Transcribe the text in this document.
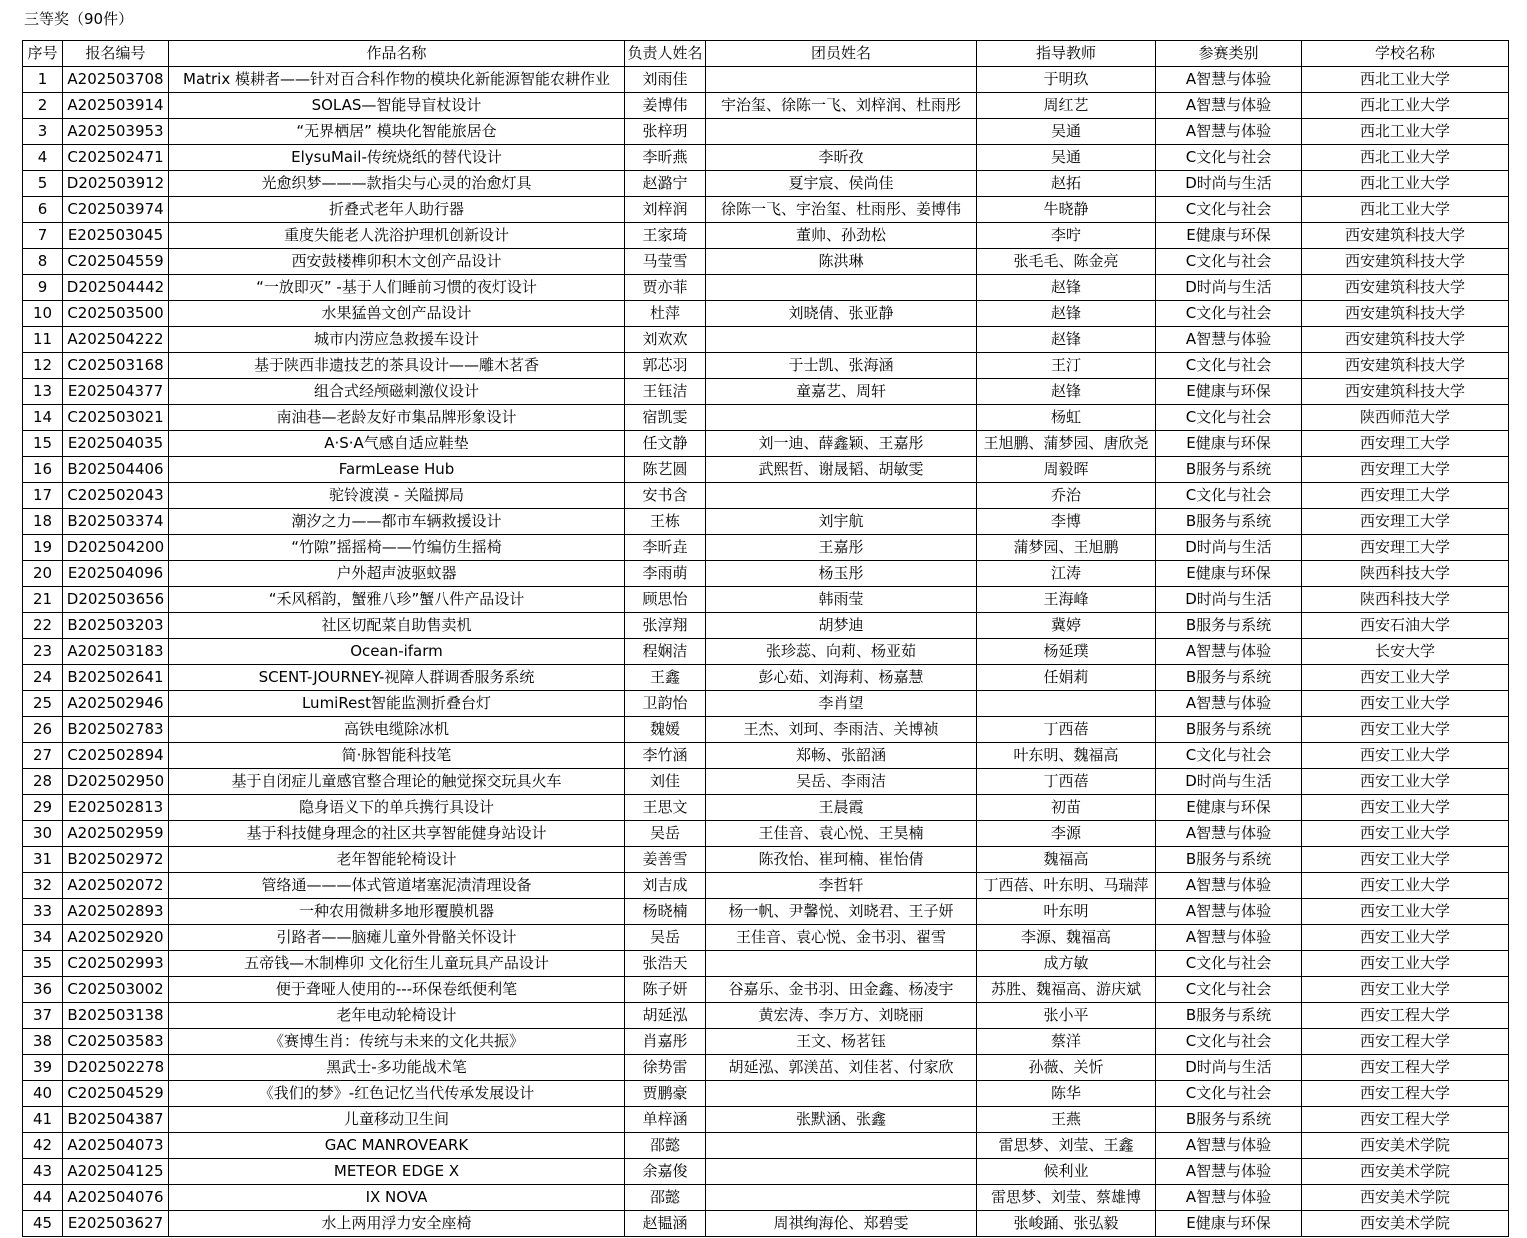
三等奖（90件）
序号	报名编号	作品名称	负责人姓名	团员姓名	指导教师	参赛类别	学校名称
1	A202503708	Matrix 模耕者——针对百合科作物的模块化新能源智能农耕作业	刘雨佳		于明玖	A智慧与体验	西北工业大学
2	A202503914	SOLAS—智能导盲杖设计	姜博伟	宇治玺、徐陈一飞、刘梓润、杜雨彤	周红艺	A智慧与体验	西北工业大学
3	A202503953	“无界栖居” 模块化智能旅居仓	张梓玥		吴通	A智慧与体验	西北工业大学
4	C202502471	ElysuMail-传统烧纸的替代设计	李昕燕	李昕孜	吴通	C文化与社会	西北工业大学
5	D202503912	光愈织梦———款指尖与心灵的治愈灯具	赵潞宁	夏宇宸、侯尚佳	赵拓	D时尚与生活	西北工业大学
6	C202503974	折叠式老年人助行器	刘梓润	徐陈一飞、宇治玺、杜雨彤、姜博伟	牛晓静	C文化与社会	西北工业大学
7	E202503045	重度失能老人洗浴护理机创新设计	王家琦	董帅、孙劲松	李咛	E健康与环保	西安建筑科技大学
8	C202504559	西安鼓楼榫卯积木文创产品设计	马莹雪	陈洪琳	张毛毛、陈金亮	C文化与社会	西安建筑科技大学
9	D202504442	“一放即灭” -基于人们睡前习惯的夜灯设计	贾亦菲		赵锋	D时尚与生活	西安建筑科技大学
10	C202503500	水果猛兽文创产品设计	杜萍	刘晓倩、张亚静	赵锋	C文化与社会	西安建筑科技大学
11	A202504222	城市内涝应急救援车设计	刘欢欢		赵锋	A智慧与体验	西安建筑科技大学
12	C202503168	基于陕西非遗技艺的茶具设计——雕木茗香	郭芯羽	于士凯、张海涵	王汀	C文化与社会	西安建筑科技大学
13	E202504377	组合式经颅磁刺激仪设计	王钰洁	童嘉艺、周轩	赵锋	E健康与环保	西安建筑科技大学
14	C202503021	南油巷—老龄友好市集品牌形象设计	宿凯雯		杨虹	C文化与社会	陕西师范大学
15	E202504035	A·S·A气感自适应鞋垫	任文静	刘一迪、薛鑫颖、王嘉彤	王旭鹏、蒲梦园、唐欣尧	E健康与环保	西安理工大学
16	B202504406	FarmLease Hub	陈艺圆	武熙哲、谢晟韬、胡敏雯	周毅晖	B服务与系统	西安理工大学
17	C202502043	驼铃渡漠 - 关隘掷局	安书含		乔治	C文化与社会	西安理工大学
18	B202503374	潮汐之力——都市车辆救援设计	王栋	刘宇航	李博	B服务与系统	西安理工大学
19	D202504200	“竹隙”摇摇椅——竹编仿生摇椅	李昕垚	王嘉彤	蒲梦园、王旭鹏	D时尚与生活	西安理工大学
20	E202504096	户外超声波驱蚊器	李雨萌	杨玉彤	江涛	E健康与环保	陕西科技大学
21	D202503656	“禾风稻韵，蟹雅八珍”蟹八件产品设计	顾思怡	韩雨莹	王海峰	D时尚与生活	陕西科技大学
22	B202503203	社区切配菜自助售卖机	张淳翔	胡梦迪	冀婷	B服务与系统	西安石油大学
23	A202503183	Ocean-ifarm	程娴洁	张珍蕊、向莉、杨亚茹	杨延璞	A智慧与体验	长安大学
24	B202502641	SCENT-JOURNEY-视障人群调香服务系统	王鑫	彭心茹、刘海莉、杨嘉慧	任娟莉	B服务与系统	西安工业大学
25	A202502946	LumiRest智能监测折叠台灯	卫韵怡	李肖望		A智慧与体验	西安工业大学
26	B202502783	高铁电缆除冰机	魏媛	王杰、刘珂、李雨洁、关博祯	丁西蓓	B服务与系统	西安工业大学
27	C202502894	简·脉智能科技笔	李竹涵	郑畅、张韶涵	叶东明、魏福高	C文化与社会	西安工业大学
28	D202502950	基于自闭症儿童感官整合理论的触觉探交玩具火车	刘佳	吴岳、李雨洁	丁西蓓	D时尚与生活	西安工业大学
29	E202502813	隐身语义下的单兵携行具设计	王思文	王晨霞	初苗	E健康与环保	西安工业大学
30	A202502959	基于科技健身理念的社区共享智能健身站设计	吴岳	王佳音、袁心悦、王昊楠	李源	A智慧与体验	西安工业大学
31	B202502972	老年智能轮椅设计	姜善雪	陈孜怡、崔珂楠、崔怡倩	魏福高	B服务与系统	西安工业大学
32	A202502072	管络通———体式管道堵塞泥渍清理设备	刘吉成	李哲轩	丁西蓓、叶东明、马瑞萍	A智慧与体验	西安工业大学
33	A202502893	一种农用微耕多地形覆膜机器	杨晓楠	杨一帆、尹馨悦、刘晓君、王子妍	叶东明	A智慧与体验	西安工业大学
34	A202502920	引路者——脑瘫儿童外骨骼关怀设计	吴岳	王佳音、袁心悦、金书羽、翟雪	李源、魏福高	A智慧与体验	西安工业大学
35	C202502993	五帝钱—木制榫卯 文化衍生儿童玩具产品设计	张浩天		成方敏	C文化与社会	西安工业大学
36	C202503002	便于聋哑人使用的---环保卷纸便利笔	陈子妍	谷嘉乐、金书羽、田金鑫、杨凌宇	苏胜、魏福高、游庆斌	C文化与社会	西安工业大学
37	B202503138	老年电动轮椅设计	胡延泓	黄宏涛、李万方、刘晓丽	张小平	B服务与系统	西安工程大学
38	C202503583	《赛博生肖：传统与未来的文化共振》	肖嘉彤	王文、杨茗钰	蔡洋	C文化与社会	西安工程大学
39	D202502278	黑武士-多功能战术笔	徐势雷	胡延泓、郭渼茁、刘佳茗、付家欣	孙薇、关忻	D时尚与生活	西安工程大学
40	C202504529	《我们的梦》-红色记忆当代传承发展设计	贾鹏豪		陈华	C文化与社会	西安工程大学
41	B202504387	儿童移动卫生间	单梓涵	张默涵、张鑫	王燕	B服务与系统	西安工程大学
42	A202504073	GAC MANROVEARK	邵懿		雷思梦、刘莹、王鑫	A智慧与体验	西安美术学院
43	A202504125	METEOR EDGE X	余嘉俊		候利业	A智慧与体验	西安美术学院
44	A202504076	IX NOVA	邵懿		雷思梦、刘莹、蔡雄博	A智慧与体验	西安美术学院
45	E202503627	水上两用浮力安全座椅	赵韫涵	周祺绚海伦、郑碧雯	张峻踊、张弘毅	E健康与环保	西安美术学院
